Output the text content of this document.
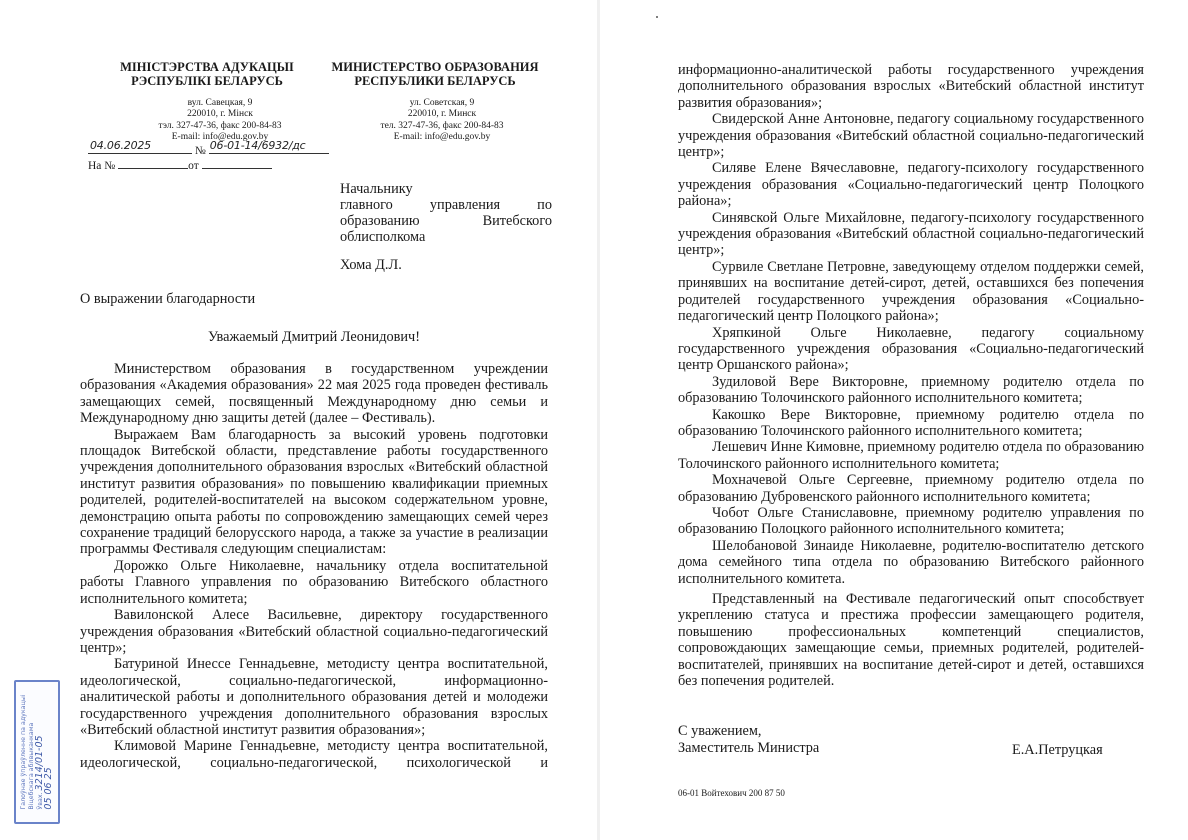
МІНІСТЭРСТВА АДУКАЦЫІ
РЭСПУБЛІКІ БЕЛАРУСЬ
вул. Савецкая, 9
220010, г. Мінск
тэл. 327-47-36, факс 200-84-83
E-mail: info@edu.gov.by
МИНИСТЕРСТВО ОБРАЗОВАНИЯ
РЕСПУБЛИКИ БЕЛАРУСЬ
ул. Советская, 9
220010, г. Минск
тел. 327-47-36, факс 200-84-83
E-mail: info@edu.gov.by
04.06.2025	№ 06-01-14/6932/дс
На №	от
Начальнику
главного	управления	по
образованию	Витебского
облисполкома
Хома Д.Л.
О выражении благодарности
Уважаемый Дмитрий Леонидович!

Министерством образования в государственном учреждении образования «Академия образования» 22 мая 2025 года проведен фестиваль замещающих семей, посвященный Международному дню семьи и Международному дню защиты детей (далее – Фестиваль).

Выражаем Вам благодарность за высокий уровень подготовки площадок Витебской области, представление работы государственного учреждения дополнительного образования взрослых «Витебский областной институт развития образования» по повышению квалификации приемных родителей, родителей-воспитателей на высоком содержательном уровне, демонстрацию опыта работы по сопровождению замещающих семей через сохранение традиций белорусского народа, а также за участие в реализации программы Фестиваля следующим специалистам:

Дорожко Ольге Николаевне, начальнику отдела воспитательной работы Главного управления по образованию Витебского областного исполнительного комитета;

Вавилонской Алесе Васильевне, директору государственного учреждения образования «Витебский областной социально-педагогический центр»;

Батуриной Инессе Геннадьевне, методисту центра воспитательной, идеологической, социально-педагогической, информационно-аналитической работы и дополнительного образования детей и молодежи государственного учреждения дополнительного образования взрослых «Витебский областной институт развития образования»;

Климовой Марине Геннадьевне, методисту центра воспитательной, идеологической, социально-педагогической, психологической и

Галоўнае ўпраўленне па адукацыі Віцебскага аблвыканкама Ўвах. 3214/01-05
05 06 25

информационно-аналитической работы государственного учреждения дополнительного образования взрослых «Витебский областной институт развития образования»;

Свидерской Анне Антоновне, педагогу социальному государственного учреждения образования «Витебский областной социально-педагогический центр»;

Силяве Елене Вячеславовне, педагогу-психологу государственного учреждения образования «Социально-педагогический центр Полоцкого района»;

Синявской Ольге Михайловне, педагогу-психологу государственного учреждения образования «Витебский областной социально-педагогический центр»;

Сурвиле Светлане Петровне, заведующему отделом поддержки семей, принявших на воспитание детей-сирот, детей, оставшихся без попечения родителей государственного учреждения образования «Социально-педагогический центр Полоцкого района»;

Хряпкиной Ольге Николаевне, педагогу социальному государственного учреждения образования «Социально-педагогический центр Оршанского района»;

Зудиловой Вере Викторовне, приемному родителю отдела по образованию Толочинского районного исполнительного комитета;

Какошко Вере Викторовне, приемному родителю отдела по образованию Толочинского районного исполнительного комитета;

Лешевич Инне Кимовне, приемному родителю отдела по образованию Толочинского районного исполнительного комитета;

Мохначевой Ольге Сергеевне, приемному родителю отдела по образованию Дубровенского районного исполнительного комитета;

Чобот Ольге Станиславовне, приемному родителю управления по образованию Полоцкого районного исполнительного комитета;

Шелобановой Зинаиде Николаевне, родителю-воспитателю детского дома семейного типа отдела по образованию Витебского районного исполнительного комитета.

Представленный на Фестивале педагогический опыт способствует укреплению статуса и престижа профессии замещающего родителя, повышению профессиональных компетенций специалистов, сопровождающих замещающие семьи, приемных родителей, родителей-воспитателей, принявших на воспитание детей-сирот и детей, оставшихся без попечения родителей.

С уважением,
Заместитель Министра	Е.А.Петруцкая
06-01 Войтехович 200 87 50
